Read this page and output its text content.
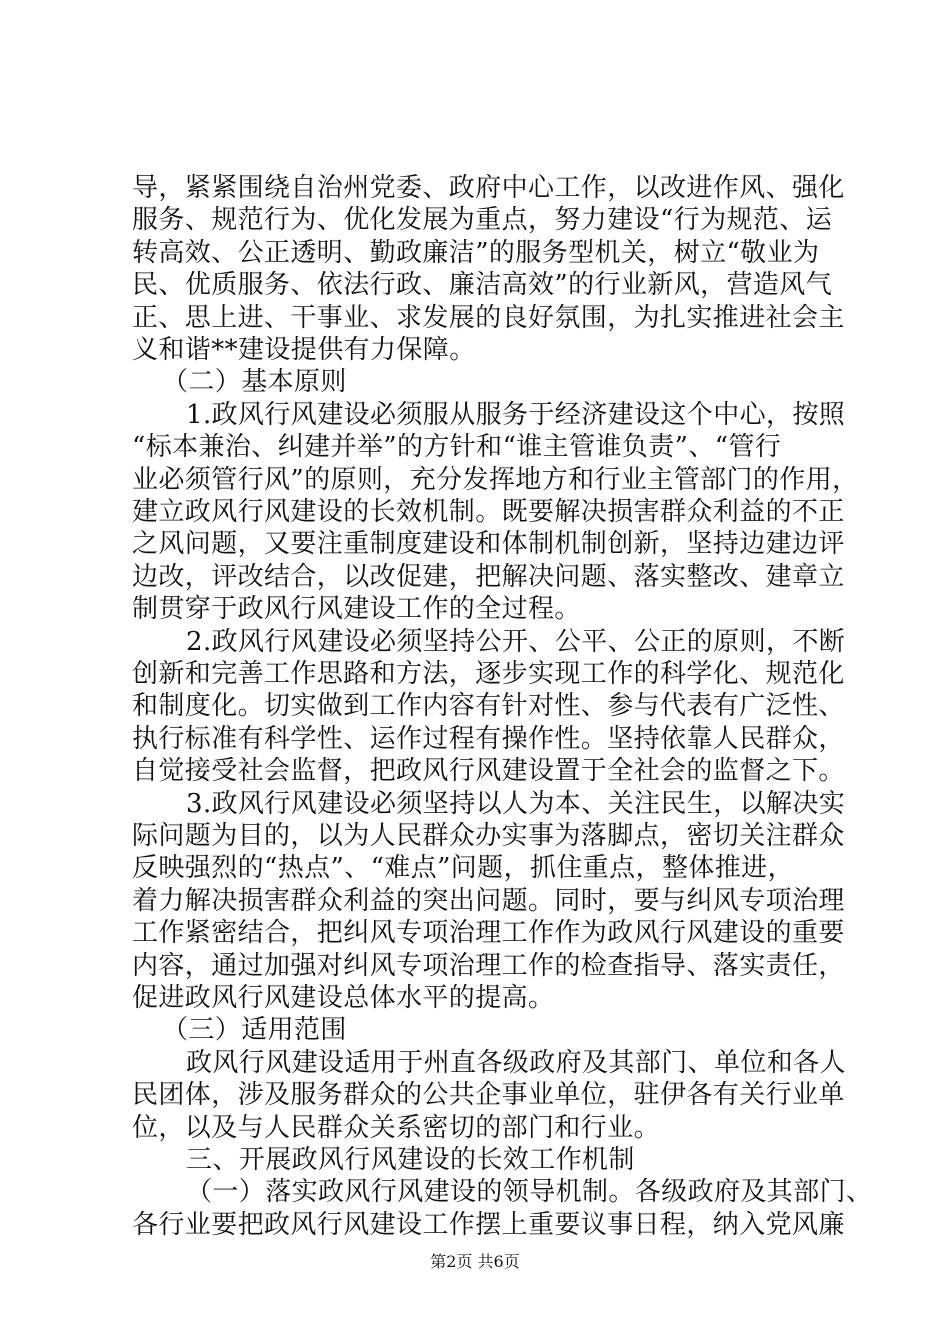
导，紧紧围绕自治州党委、政府中心工作，以改进作风、强化
服务、规范行为、优化发展为重点，努力建设“行为规范、运
转高效、公正透明、勤政廉洁”的服务型机关，树立“敬业为
民、优质服务、依法行政、廉洁高效”的行业新风，营造风气
正、思上进、干事业、求发展的良好氛围，为扎实推进社会主
义和谐**建设提供有力保障。
（二）基本原则
1.政风行风建设必须服从服务于经济建设这个中心，按照
“标本兼治、纠建并举”的方针和“谁主管谁负责”、“管行
业必须管行风”的原则，充分发挥地方和行业主管部门的作用，
建立政风行风建设的长效机制。既要解决损害群众利益的不正
之风问题，又要注重制度建设和体制机制创新，坚持边建边评
边改，评改结合，以改促建，把解决问题、落实整改、建章立
制贯穿于政风行风建设工作的全过程。
2.政风行风建设必须坚持公开、公平、公正的原则，不断
创新和完善工作思路和方法，逐步实现工作的科学化、规范化
和制度化。切实做到工作内容有针对性、参与代表有广泛性、
执行标准有科学性、运作过程有操作性。坚持依靠人民群众，
自觉接受社会监督，把政风行风建设置于全社会的监督之下。
3.政风行风建设必须坚持以人为本、关注民生，以解决实
际问题为目的，以为人民群众办实事为落脚点，密切关注群众
反映强烈的“热点”、“难点”问题，抓住重点，整体推进，
着力解决损害群众利益的突出问题。同时，要与纠风专项治理
工作紧密结合，把纠风专项治理工作作为政风行风建设的重要
内容，通过加强对纠风专项治理工作的检查指导、落实责任，
促进政风行风建设总体水平的提高。
（三）适用范围
政风行风建设适用于州直各级政府及其部门、单位和各人
民团体，涉及服务群众的公共企事业单位，驻伊各有关行业单
位，以及与人民群众关系密切的部门和行业。
三、开展政风行风建设的长效工作机制
（一）落实政风行风建设的领导机制。各级政府及其部门、
各行业要把政风行风建设工作摆上重要议事日程，纳入党风廉
第2页 共6页
